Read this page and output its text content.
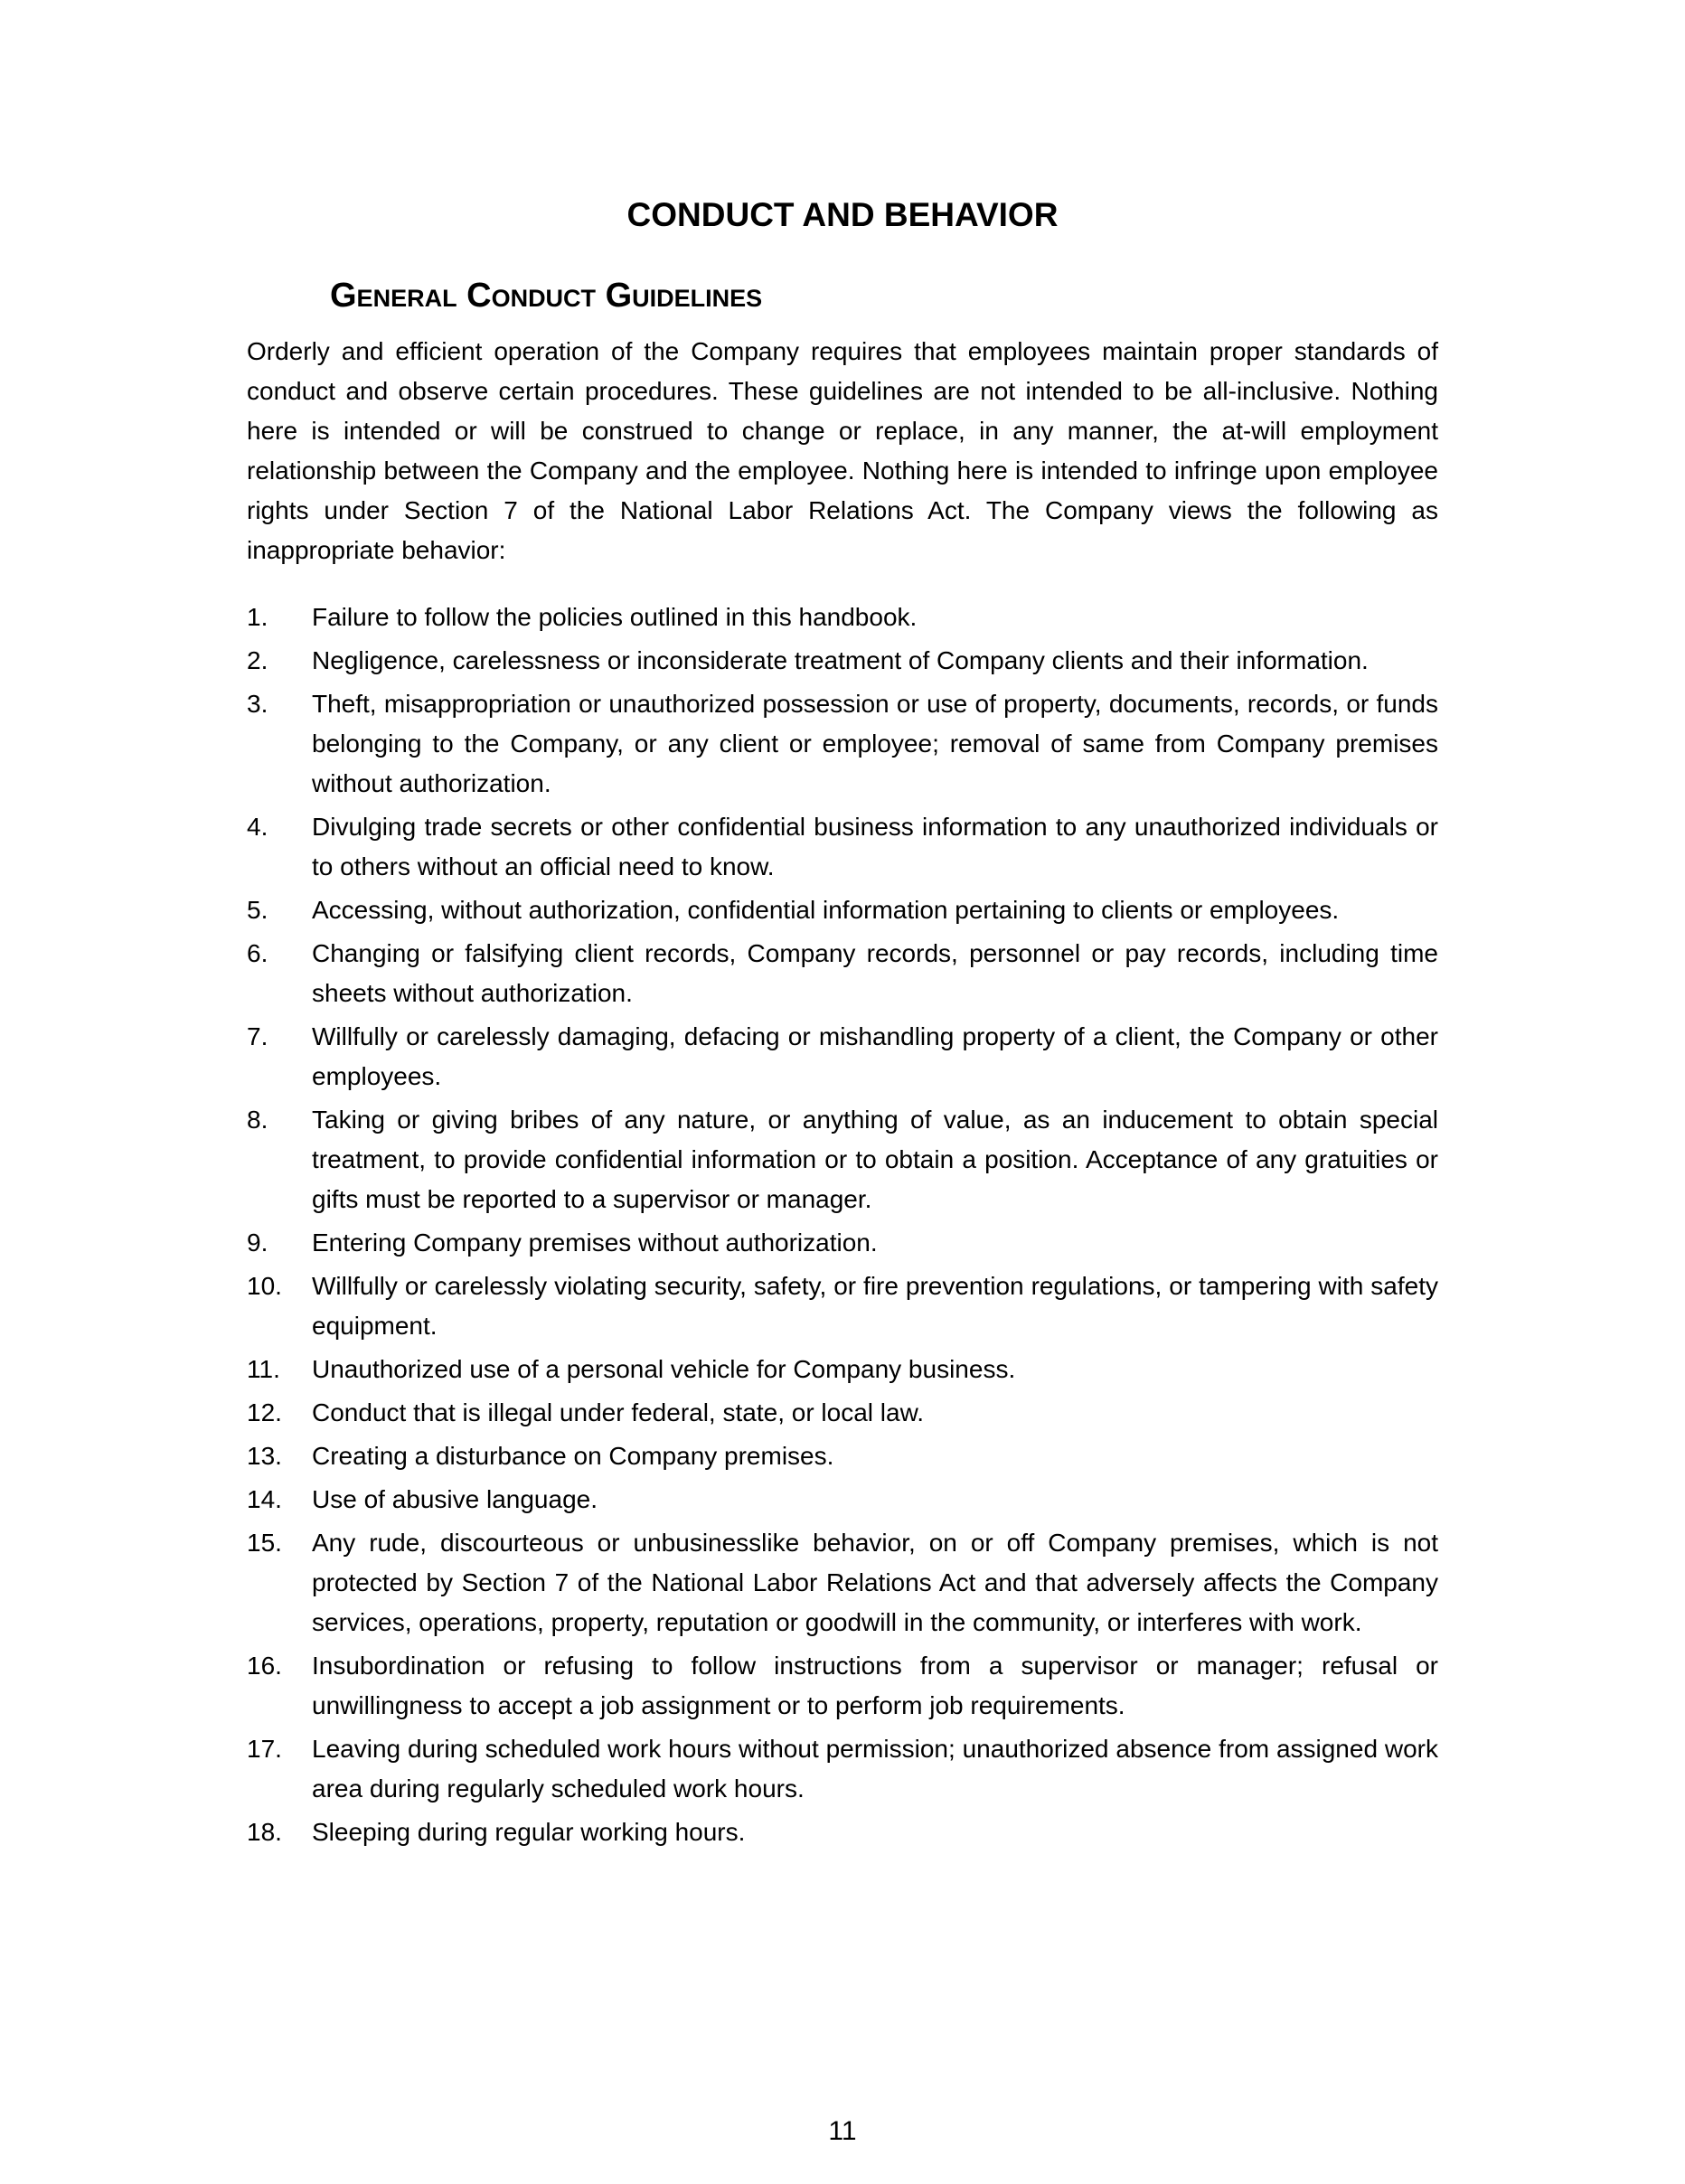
CONDUCT AND BEHAVIOR
General Conduct Guidelines

Orderly and efficient operation of the Company requires that employees maintain proper standards of conduct and observe certain procedures. These guidelines are not intended to be all-inclusive. Nothing here is intended or will be construed to change or replace, in any manner, the at-will employment relationship between the Company and the employee. Nothing here is intended to infringe upon employee rights under Section 7 of the National Labor Relations Act. The Company views the following as inappropriate behavior:

1.	Failure to follow the policies outlined in this handbook.
2.	Negligence, carelessness or inconsiderate treatment of Company clients and their information.
3.	Theft, misappropriation or unauthorized possession or use of property, documents, records, or funds belonging to the Company, or any client or employee; removal of same from Company premises without authorization.
4.	Divulging trade secrets or other confidential business information to any unauthorized individuals or to others without an official need to know.
5.	Accessing, without authorization, confidential information pertaining to clients or employees.
6.	Changing or falsifying client records, Company records, personnel or pay records, including time sheets without authorization.
7.	Willfully or carelessly damaging, defacing or mishandling property of a client, the Company or other employees.
8.	Taking or giving bribes of any nature, or anything of value, as an inducement to obtain special treatment, to provide confidential information or to obtain a position. Acceptance of any gratuities or gifts must be reported to a supervisor or manager.
9.	Entering Company premises without authorization.
10.	Willfully or carelessly violating security, safety, or fire prevention regulations, or tampering with safety equipment.
11.	Unauthorized use of a personal vehicle for Company business.
12.	Conduct that is illegal under federal, state, or local law.
13.	Creating a disturbance on Company premises.
14.	Use of abusive language.
15.	Any rude, discourteous or unbusinesslike behavior, on or off Company premises, which is not protected by Section 7 of the National Labor Relations Act and that adversely affects the Company services, operations, property, reputation or goodwill in the community, or interferes with work.
16.	Insubordination or refusing to follow instructions from a supervisor or manager; refusal or unwillingness to accept a job assignment or to perform job requirements.
17.	Leaving during scheduled work hours without permission; unauthorized absence from assigned work area during regularly scheduled work hours.
18.	Sleeping during regular working hours.
11
